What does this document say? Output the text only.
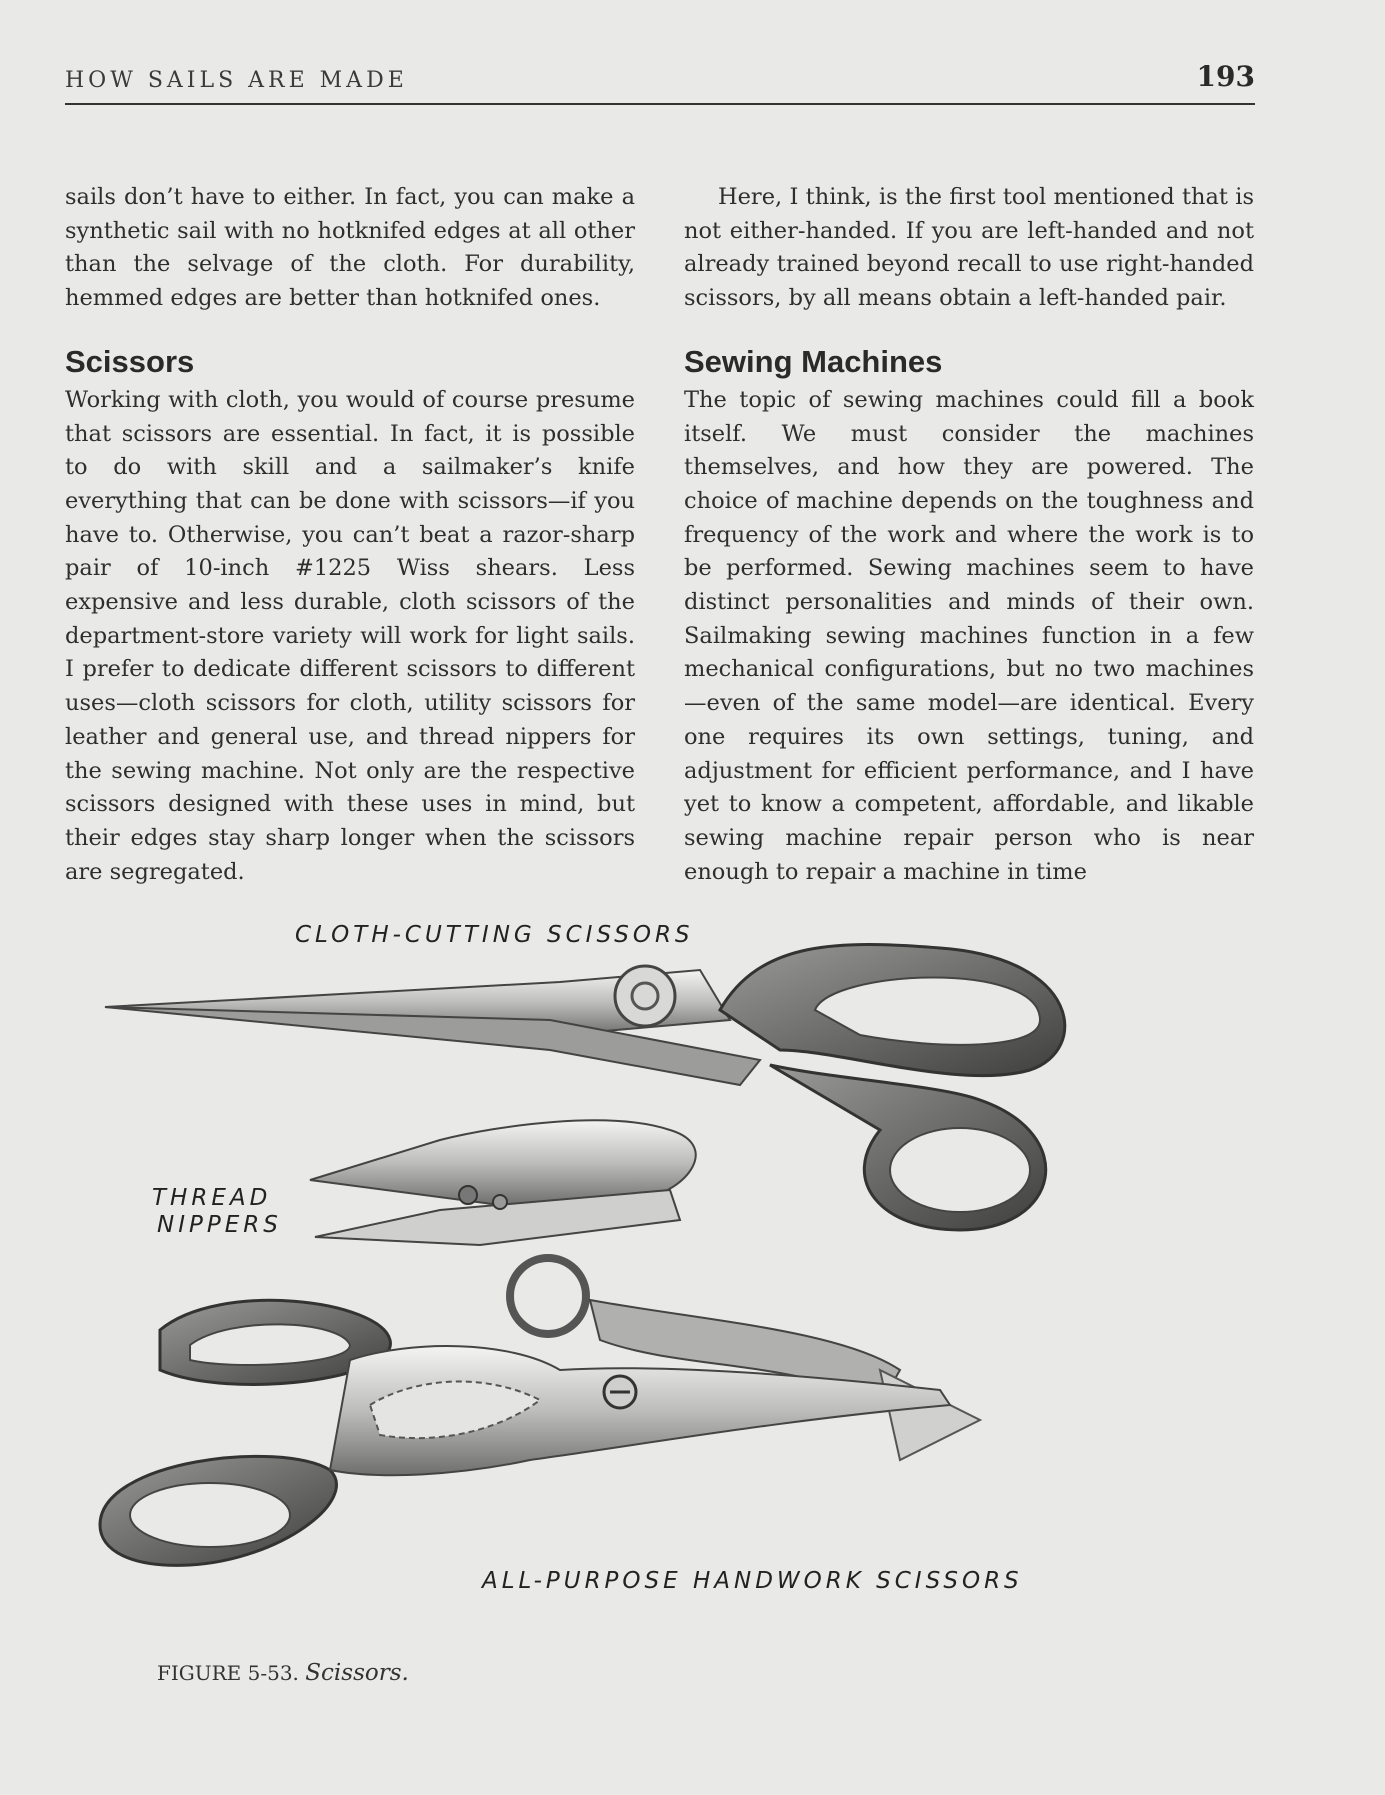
HOW SAILS ARE MADE	193

sails don’t have to either. In fact, you can make a synthetic sail with no hotknifed edges at all other than the selvage of the cloth. For durability, hemmed edges are better than hotknifed ones.

Scissors

Working with cloth, you would of course presume that scissors are essential. In fact, it is possible to do with skill and a sailmaker’s knife everything that can be done with scissors—if you have to. Otherwise, you can’t beat a razor-sharp pair of 10-inch #1225 Wiss shears. Less expensive and less durable, cloth scissors of the department-store variety will work for light sails. I prefer to dedicate different scissors to different uses—cloth scissors for cloth, utility scissors for leather and general use, and thread nippers for the sewing machine. Not only are the respective scissors designed with these uses in mind, but their edges stay sharp longer when the scissors are segregated.

Here, I think, is the first tool mentioned that is not either-handed. If you are left-handed and not already trained beyond recall to use right-handed scissors, by all means obtain a left-handed pair.

Sewing Machines

The topic of sewing machines could fill a book itself. We must consider the machines themselves, and how they are powered. The choice of machine depends on the toughness and frequency of the work and where the work is to be performed. Sewing machines seem to have distinct personalities and minds of their own. Sailmaking sewing machines function in a few mechanical configurations, but no two machines—even of the same model—are identical. Every one requires its own settings, tuning, and adjustment for efficient performance, and I have yet to know a competent, affordable, and likable sewing machine repair person who is near enough to repair a machine in time

CLOTH-CUTTING SCISSORS
THREAD
NIPPERS
ALL-PURPOSE HANDWORK SCISSORS
FIGURE 5-53. Scissors.
